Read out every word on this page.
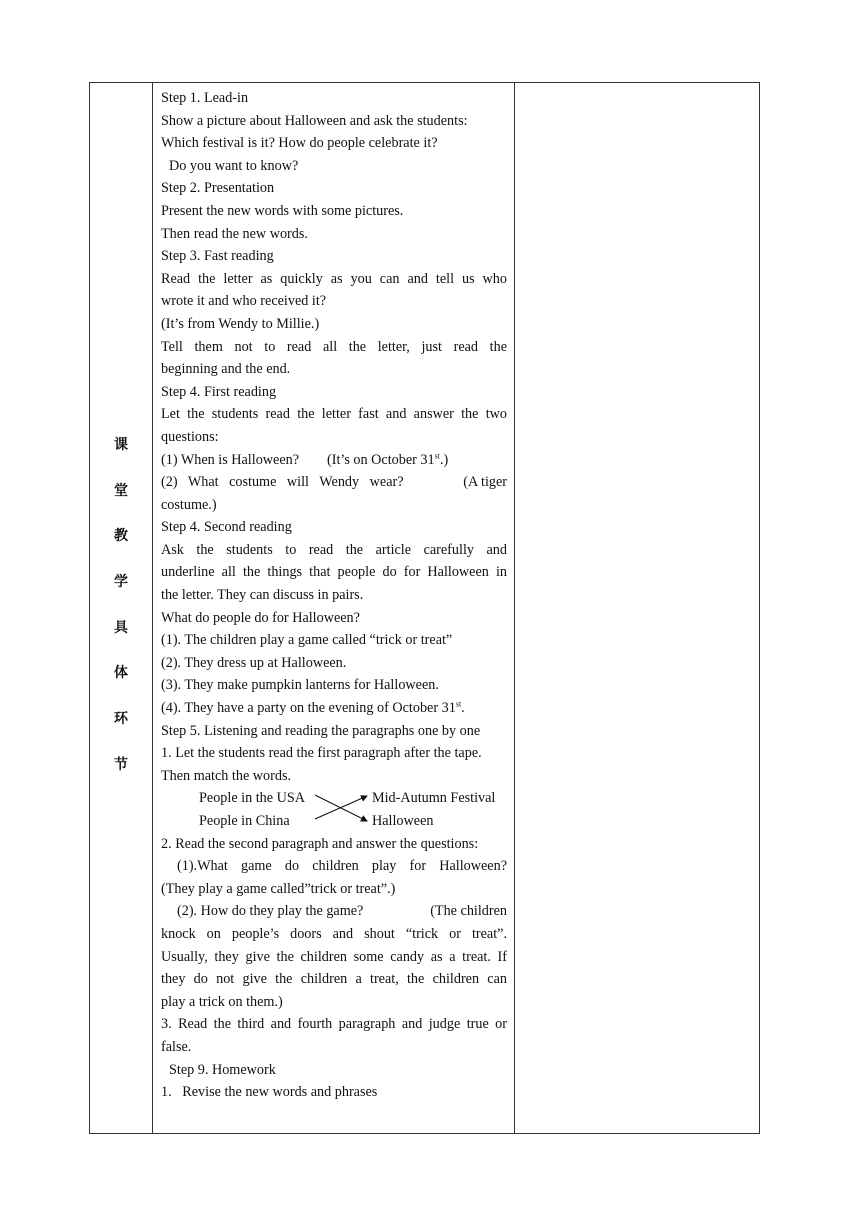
课
堂
教
学
具
体
环
节
Step 1. Lead-in
Show a picture about Halloween and ask the students:
Which festival is it? How do people celebrate it?
Do you want to know?
Step 2. Presentation
Present the new words with some pictures.
Then read the new words.
Step 3. Fast reading
Read the letter as quickly as you can and tell us who
wrote it and who received it?
(It’s from Wendy to Millie.)
Tell them not to read all the letter, just read the
beginning and the end.
Step 4. First reading
Let the students read the letter fast and answer the two
questions:
(1) When is Halloween? (It’s on October 31st.)
(2) What costume will Wendy wear?	(A tiger
costume.)
Step 4. Second reading
Ask the students to read the article carefully and
underline all the things that people do for Halloween in
the letter. They can discuss in pairs.
What do people do for Halloween?
(1). The children play a game called “trick or treat”
(2). They dress up at Halloween.
(3). They make pumpkin lanterns for Halloween.
(4). They have a party on the evening of October 31st.
Step 5. Listening and reading the paragraphs one by one
1. Let the students read the first paragraph after the tape.
Then match the words.
People in the USA	Mid-Autumn Festival
People in China	Halloween
2. Read the second paragraph and answer the questions:
(1).What game do children play for Halloween?
(They play a game called”trick or treat”.)
(2). How do they play the game?	(The children
knock on people’s doors and shout “trick or treat”.
Usually, they give the children some candy as a treat. If
they do not give the children a treat, the children can
play a trick on them.)
3. Read the third and fourth paragraph and judge true or
false.
Step 9. Homework
1.   Revise the new words and phrases
